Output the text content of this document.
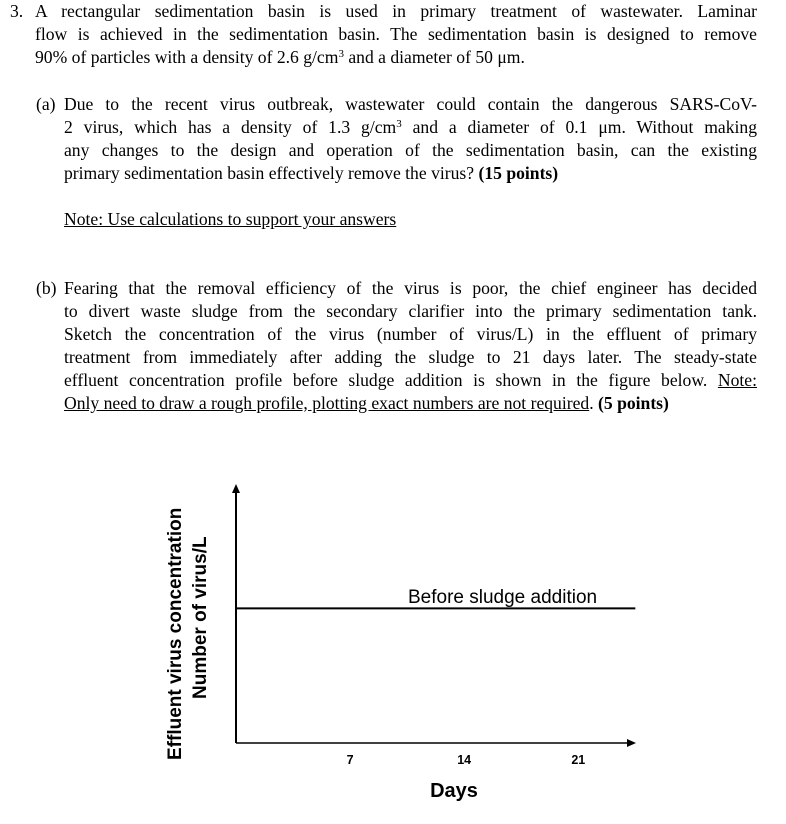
3. A rectangular sedimentation basin is used in primary treatment of wastewater. Laminar
flow is achieved in the sedimentation basin. The sedimentation basin is designed to remove
90% of particles with a density of 2.6 $g/cm^3$ and a diameter of 50 μm.
(a) Due to the recent virus outbreak, wastewater could contain the dangerous SARS-CoV-
2 virus, which has a density of 1.3 $g/cm^3$ and a diameter of 0.1 μm. Without making
any changes to the design and operation of the sedimentation basin, can the existing
primary sedimentation basin effectively remove the virus? (15 points)
Note: Use calculations to support your answers
(b) Fearing that the removal efficiency of the virus is poor, the chief engineer has decided
to divert waste sludge from the secondary clarifier into the primary sedimentation tank.
Sketch the concentration of the virus (number of virus/L) in the effluent of primary
treatment from immediately after adding the sludge to 21 days later. The steady-state
effluent concentration profile before sludge addition is shown in the figure below. Note:
Only need to draw a rough profile, plotting exact numbers are not required. (5 points)
7	14	21
Before sludge addition
Days
Effluent virus concentration Number of virus/L
